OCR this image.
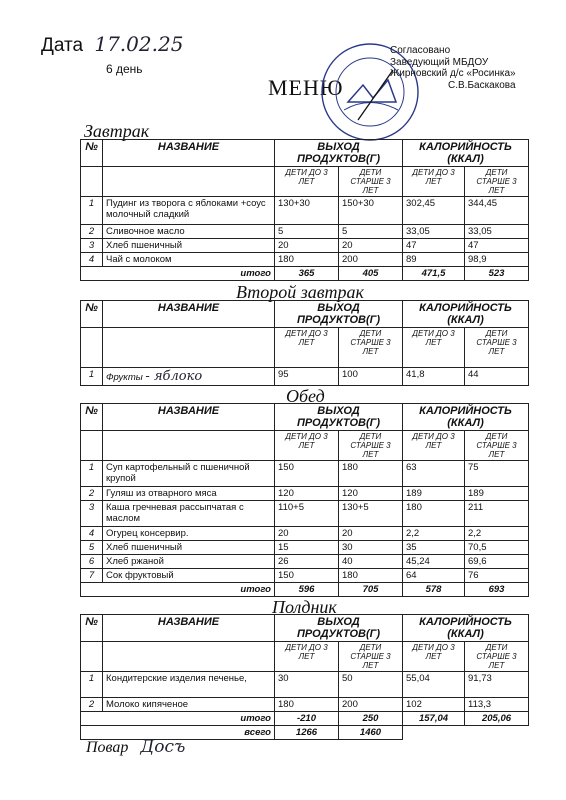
Дата 17.02.25
6 день
МЕНЮ
Согласовано
Заведующий МБДОУ
Жирновский д/с «Росинка»
С.В.Баскакова
Завтрак
№	НАЗВАНИЕ	ВЫХОД ПРОДУКТОВ(Г)		КАЛОРИЙНОСТЬ (ККАЛ)	
		ДЕТИ ДО 3 ЛЕТ	ДЕТИ СТАРШЕ 3 ЛЕТ	ДЕТИ ДО 3 ЛЕТ	ДЕТИ СТАРШЕ 3 ЛЕТ
1	Пудинг из творога с яблоками +соус молочный сладкий	130+30	150+30	302,45	344,45
2	Сливочное масло	5	5	33,05	33,05
3	Хлеб пшеничный	20	20	47	47
4	Чай с молоком	180	200	89	98,9
итого		365	405	471,5	523
Второй завтрак
№	НАЗВАНИЕ	ВЫХОД ПРОДУКТОВ(Г)		КАЛОРИЙНОСТЬ (ККАЛ)	
		ДЕТИ ДО 3 ЛЕТ	ДЕТИ СТАРШЕ 3 ЛЕТ	ДЕТИ ДО 3 ЛЕТ	ДЕТИ СТАРШЕ 3 ЛЕТ
1	Фрукты - яблоко	95	100	41,8	44
Обед
№	НАЗВАНИЕ	ВЫХОД ПРОДУКТОВ(Г)		КАЛОРИЙНОСТЬ (ККАЛ)	
		ДЕТИ ДО 3 ЛЕТ	ДЕТИ СТАРШЕ 3 ЛЕТ	ДЕТИ ДО 3 ЛЕТ	ДЕТИ СТАРШЕ 3 ЛЕТ
1	Суп картофельный с пшеничной крупой	150	180	63	75
2	Гуляш из отварного мяса	120	120	189	189
3	Каша гречневая рассыпчатая с маслом	110+5	130+5	180	211
4	Огурец консервир.	20	20	2,2	2,2
5	Хлеб пшеничный	15	30	35	70,5
6	Хлеб ржаной	26	40	45,24	69,6
7	Сок фруктовый	150	180	64	76
итого		596	705	578	693
Полдник
№	НАЗВАНИЕ	ВЫХОД ПРОДУКТОВ(Г)		КАЛОРИЙНОСТЬ (ККАЛ)	
		ДЕТИ ДО 3 ЛЕТ	ДЕТИ СТАРШЕ 3 ЛЕТ	ДЕТИ ДО 3 ЛЕТ	ДЕТИ СТАРШЕ 3 ЛЕТ
1	Кондитерские изделия печенье,	30	50	55,04	91,73
2	Молоко кипяченое	180	200	102	113,3
итого		-210	250	157,04	205,06
всего		1266	1460		
Повар Досъ
